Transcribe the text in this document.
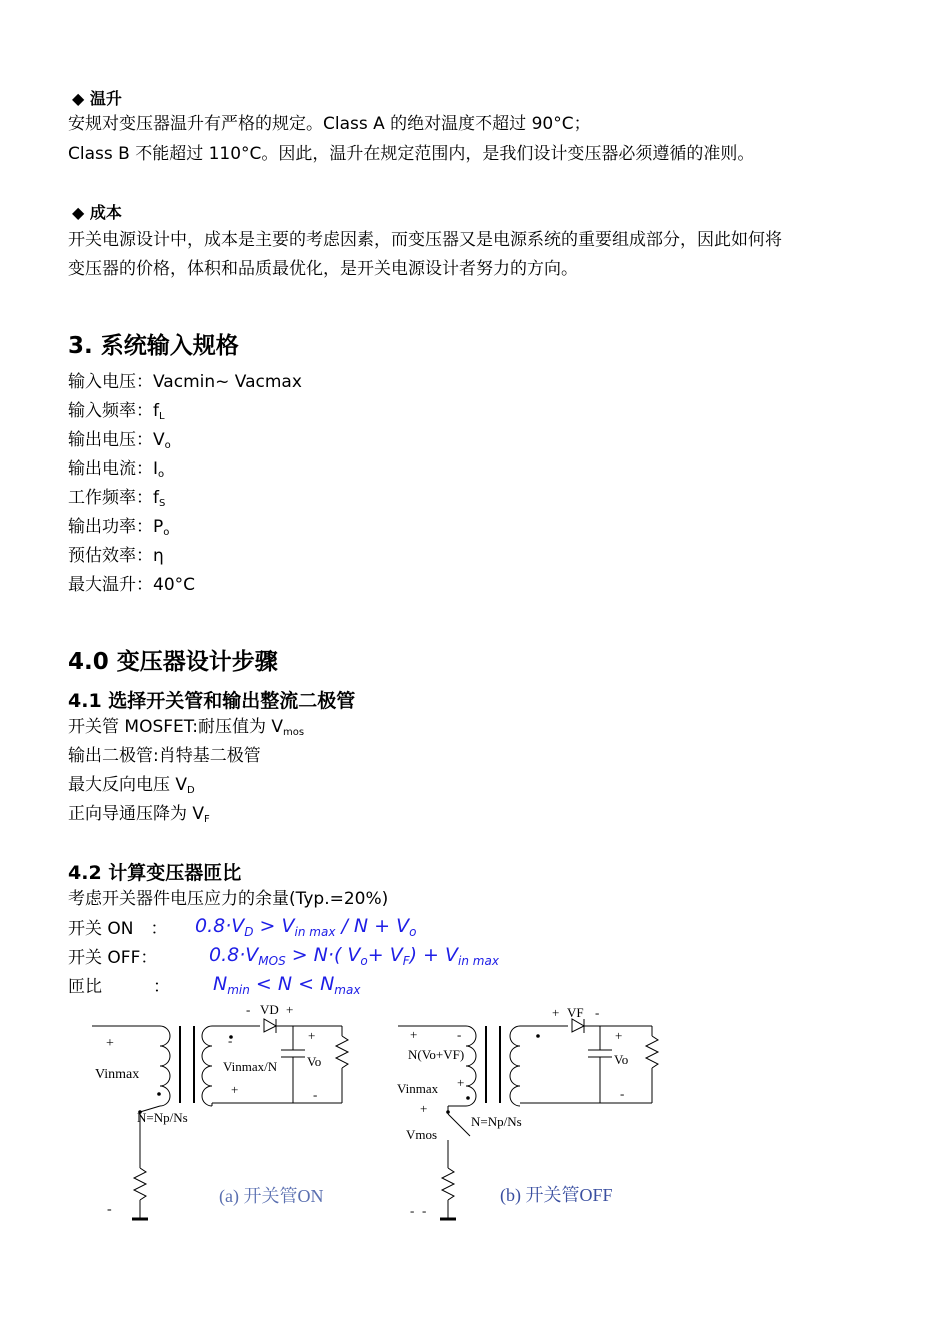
◆ 温升
安规对变压器温升有严格的规定。Class A 的绝对温度不超过 90°C；
Class B 不能超过 110°C。因此，温升在规定范围内，是我们设计变压器必须遵循的准则。
◆ 成本
开关电源设计中，成本是主要的考虑因素，而变压器又是电源系统的重要组成部分，因此如何将
变压器的价格，体积和品质最优化，是开关电源设计者努力的方向。
3. 系统输入规格
输入电压：Vacmin~ Vacmax
输入频率：$f_L$
输出电压：$V_o$
输出电流：$I_o$
工作频率：$f_S$
输出功率：$P_o$
预估效率：η
最大温升：40°C
4.0 变压器设计步骤
4.1 选择开关管和输出整流二极管
开关管 MOSFET:耐压值为 $V_{mos}$
输出二极管:肖特基二极管
最大反向电压 $V_D$
正向导通压降为 $V_F$
4.2 计算变压器匝比
考虑开关器件电压应力的余量(Typ.=20%)
开关 ON　： $0.8\cdot V_D > V_{in max} / N + V_o$
开关 OFF：	$0.8\cdot V_{MOS} > N\cdot$( $V_o+ V_F) + V_{in max}$
匝比　　　： $N_{min} < N < N_{max}$
+
Vinmax
-
N=Np/Ns
- VD +
-
Vinmax/N
+
+
Vo
-
(a) 开关管ON
+	-
N(Vo+VF)
Vinmax +
+
Vmos
N=Np/Ns
- -
+ VF -
+
Vo
-
(b) 开关管OFF
